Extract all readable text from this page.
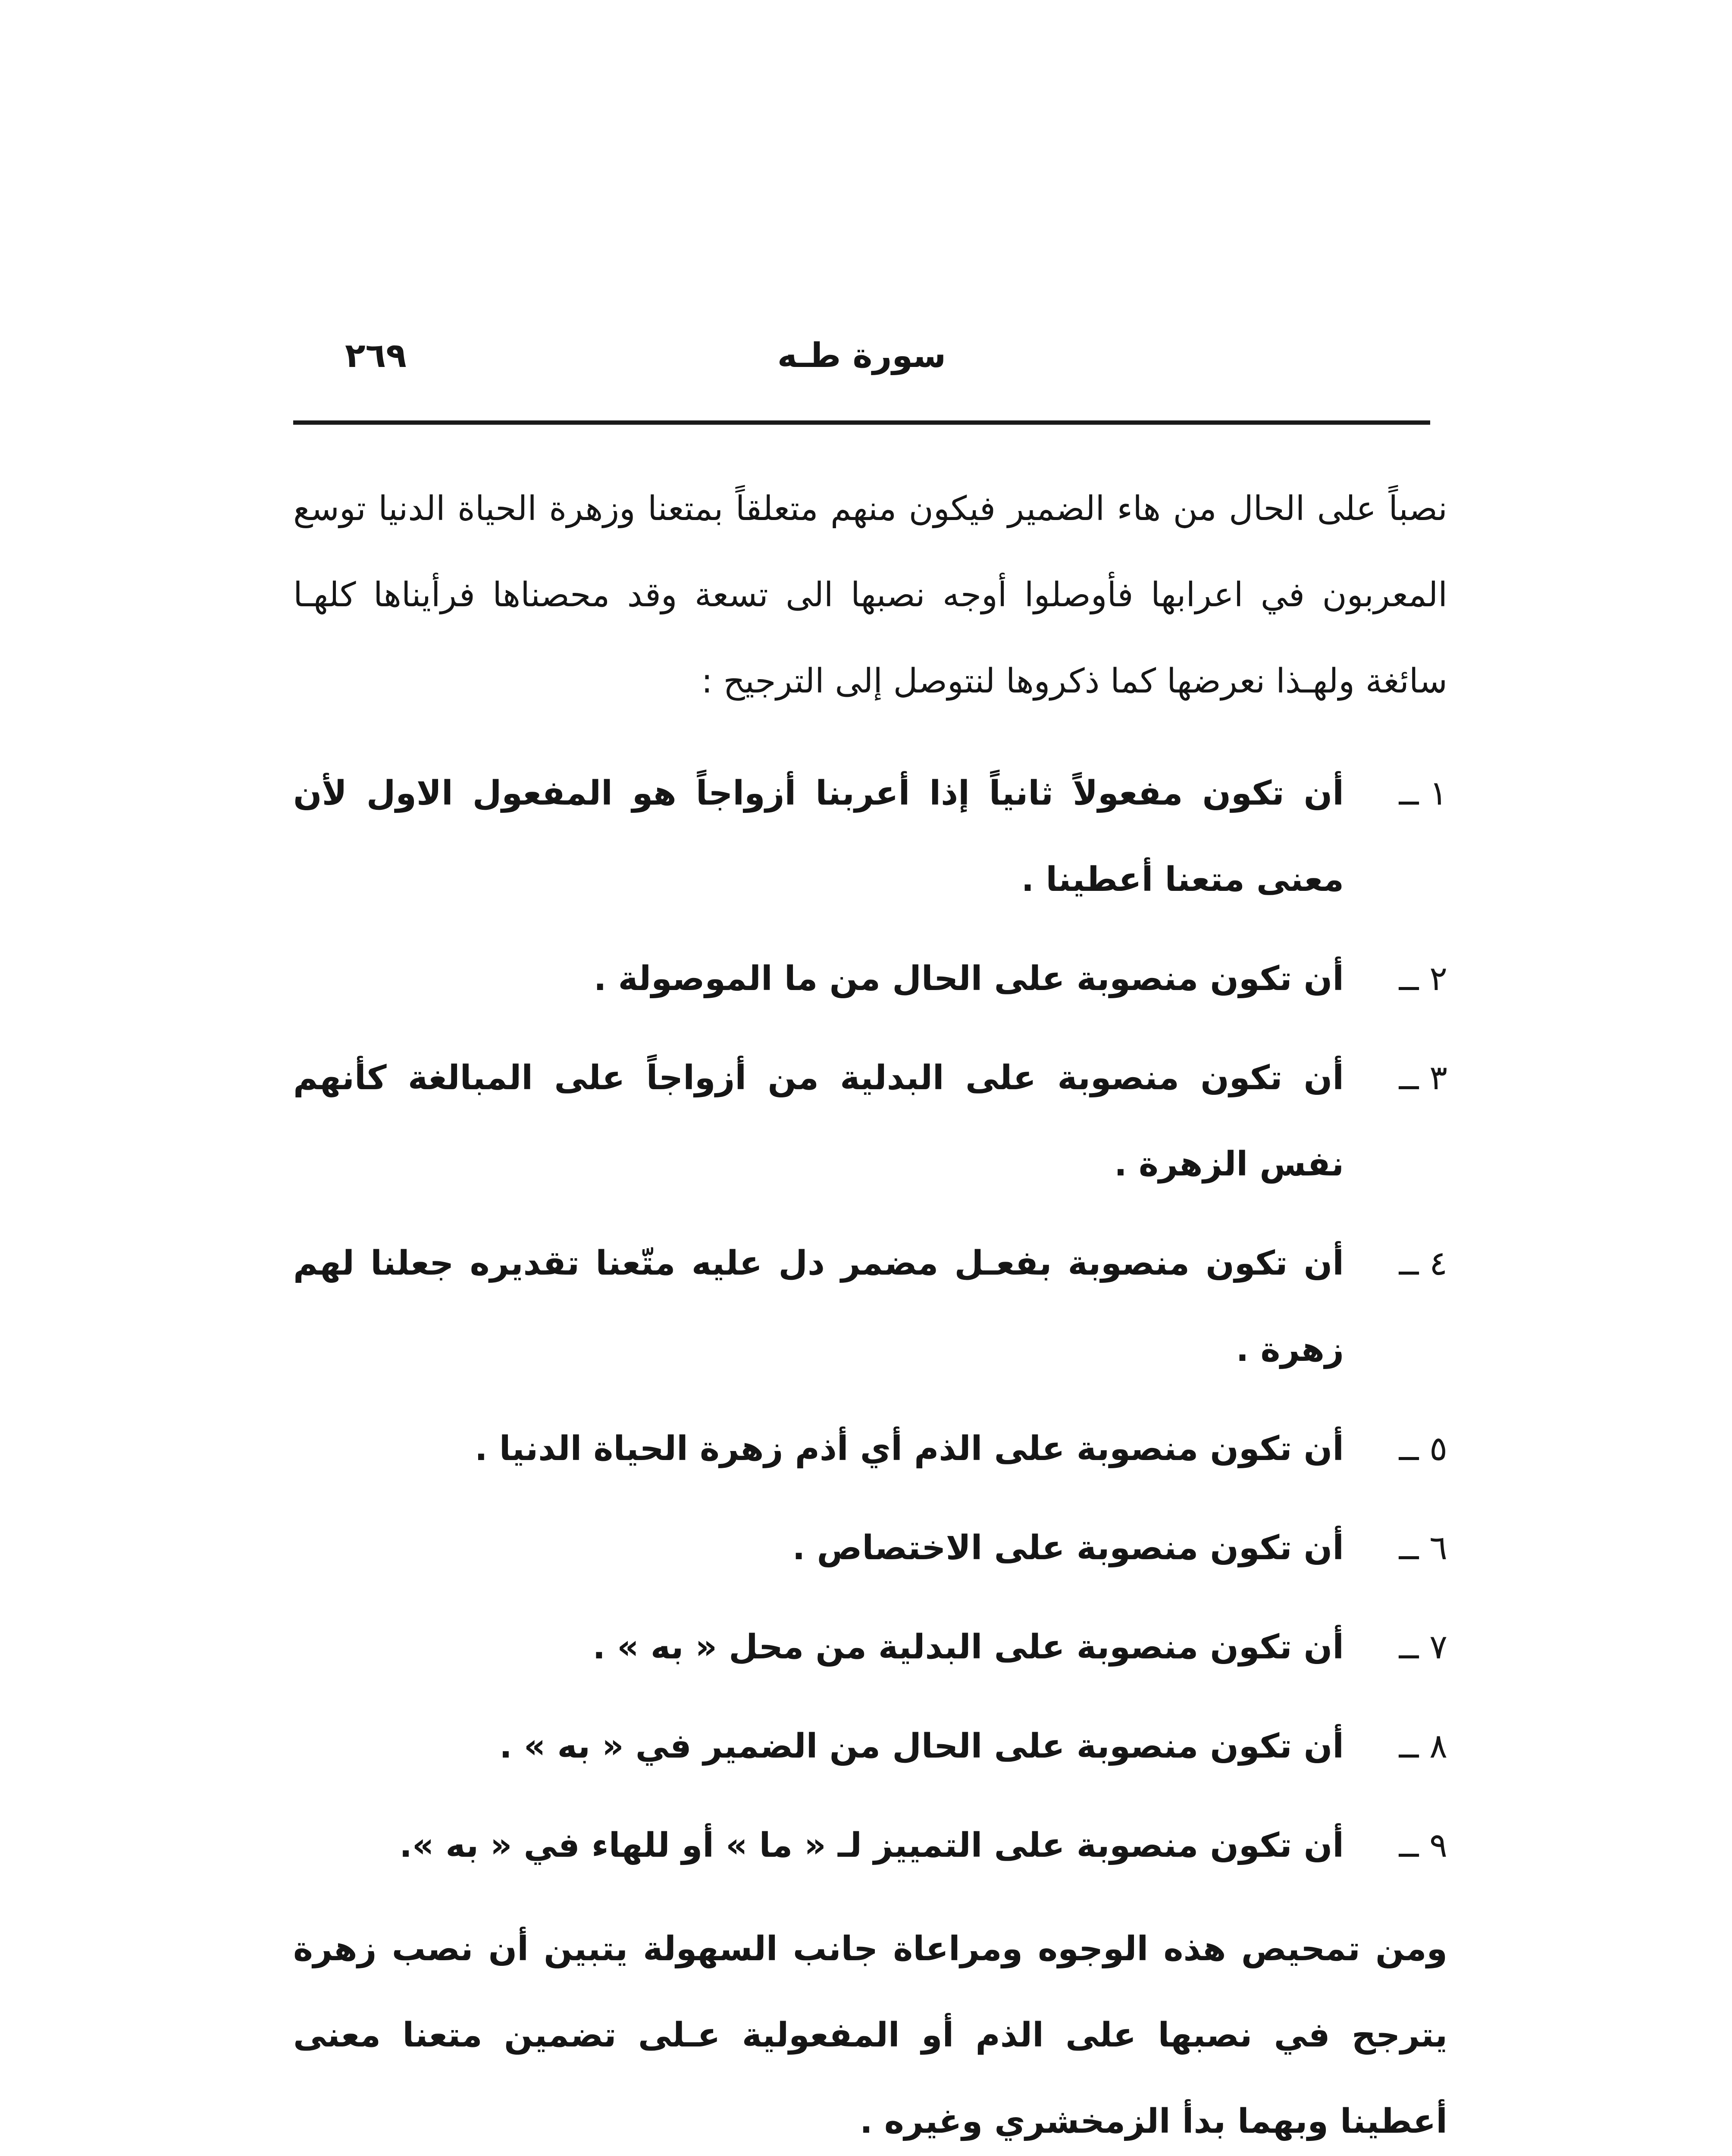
٢٦٩	سورة طـه

نصباً على الحال من هاء الضمير فيكون منهم متعلقاً بمتعنا وزهرة الحياة الدنيا توسع المعربون في اعرابها فأوصلوا أوجه نصبها الى تسعة وقد محصناها فرأيناها كلهـا سائغة ولهـذا نعرضها كما ذكروها لنتوصل إلى الترجيح :

١ ــ
أن تكون مفعولاً ثانياً إذا أعربنا أزواجاً هو المفعول الاول لأن معنى متعنا أعطينا .
٢ ــ
أن تكون منصوبة على الحال من ما الموصولة .
٣ ــ
أن تكون منصوبة على البدلية من أزواجاً على المبالغة كأنهم نفس الزهرة .
٤ ــ
أن تكون منصوبة بفعـل مضمر دل عليه متّعنا تقديره جعلنا لهم زهرة .
٥ ــ
أن تكون منصوبة على الذم أي أذم زهرة الحياة الدنيا .
٦ ــ
أن تكون منصوبة على الاختصاص .
٧ ــ
أن تكون منصوبة على البدلية من محل « به » .
٨ ــ
أن تكون منصوبة على الحال من الضمير في « به » .
٩ ــ
أن تكون منصوبة على التمييز لـ « ما » أو للهاء في « به ».

ومن تمحيص هذه الوجوه ومراعاة جانب السهولة يتبين أن نصب زهرة يترجح في نصبها على الذم أو المفعولية عـلى تضمين متعنا معنى أعطينا وبهما بدأ الزمخشري وغيره .
